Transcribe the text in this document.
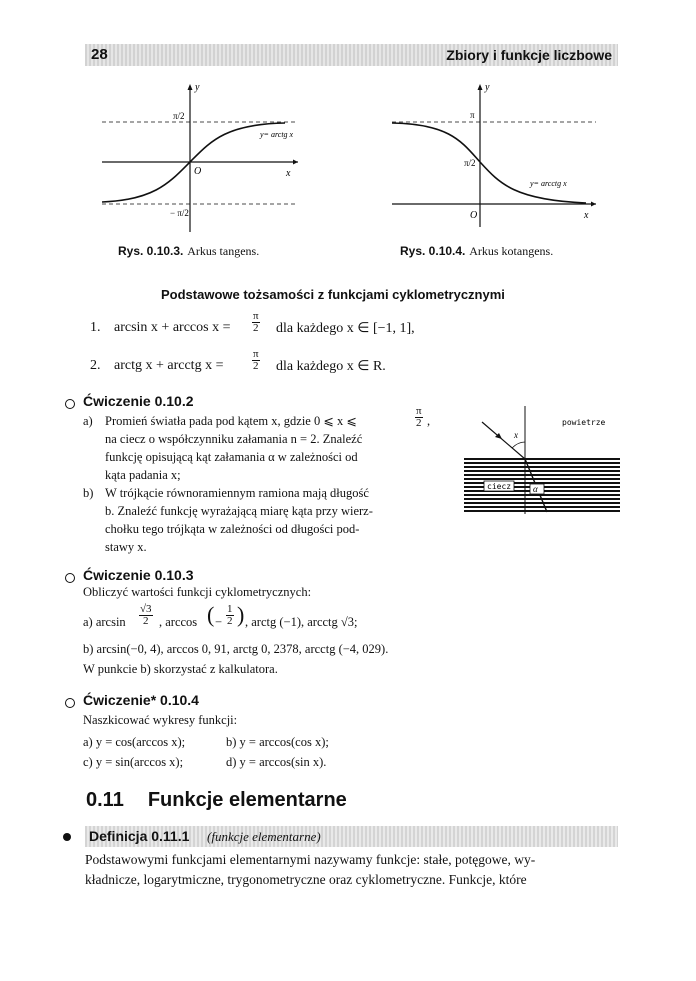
28	Zbiory i funkcje liczbowe
y
x
O
π/2
− π/2
y= arctg x
Rys. 0.10.3. Arkus tangens.
y
x
O
π
π/2
y= arcctg x
Rys. 0.10.4. Arkus kotangens.
Podstawowe tożsamości z funkcjami cyklometrycznymi
1. $\arcsin x + \arccos x = \frac{\pi}{2}$ dla każdego x ∈ [−1, 1],
2. arctg x + arcctg x =	$\frac{\pi}{2}$ dla każdego x ∈ R.
Ćwiczenie 0.10.2
a) Promień światła pada pod kątem x, gdzie 0 ⩽ x ⩽	$\frac{\pi}{2}$ ,
na ciecz o współczynniku załamania n = 2. Znaleźć
funkcję opisującą kąt załamania α w zależności od
kąta padania x;
b) W trójkącie równoramiennym ramiona mają długość
b. Znaleźć funkcję wyrażającą miarę kąta przy wierz-
chołku tego trójkąta w zależności od długości pod-
stawy x.
powietrze
x
ciecz α
Ćwiczenie 0.10.3
Obliczyć wartości funkcji cyklometrycznych:
a) $\arcsin \frac{√3}{2}$ , arccos ( − $\frac{1}{2}$ ) , arctg (−1), arcctg √3;
b) arcsin(−0, 4), arccos 0, 91, arctg 0, 2378, arcctg (−4, 029).
W punkcie b) skorzystać z kalkulatora.
Ćwiczenie* 0.10.4
Naszkicować wykresy funkcji:
a) y = cos(arccos x);	b) y = arccos(cos x);
c) y = sin(arccos x);	d) y = arccos(sin x).
0.11 Funkcje elementarne
Definicja 0.11.1 (funkcje elementarne)
Podstawowymi funkcjami elementarnymi nazywamy funkcje: stałe, potęgowe, wy-
kładnicze, logarytmiczne, trygonometryczne oraz cyklometryczne. Funkcje, które
